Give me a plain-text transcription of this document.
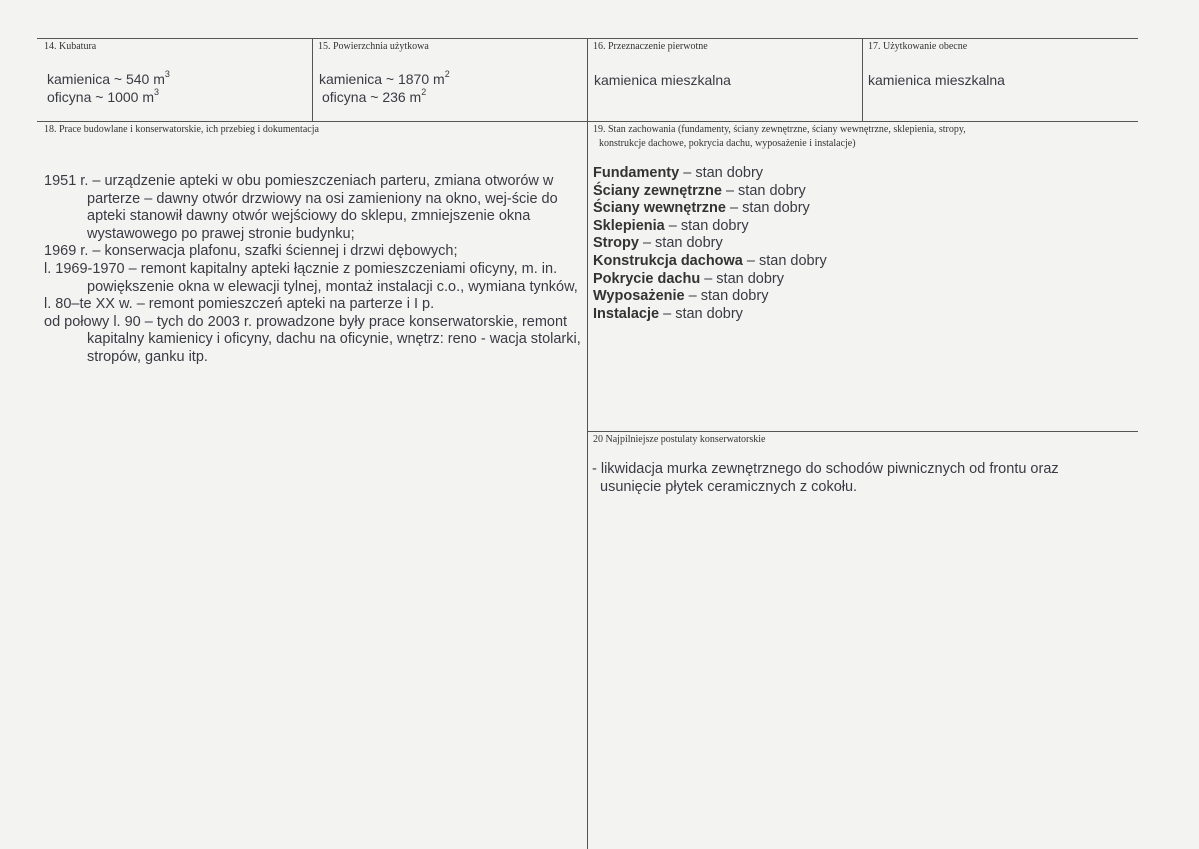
14. Kubatura
kamienica ~ 540 $m^3$
oficyna ~ 1000 $m^3$
15. Powierzchnia użytkowa
kamienica ~ 1870 $m^2$
oficyna ~ 236 $m^2$
16. Przeznaczenie pierwotne
kamienica mieszkalna
17. Użytkowanie obecne
kamienica mieszkalna
18. Prace budowlane i konserwatorskie, ich przebieg i dokumentacja
1951 r. – urządzenie apteki w obu pomieszczeniach parteru, zmiana otworów w parterze – dawny otwór drzwiowy na osi zamieniony na okno, wej-ście do apteki stanowił dawny otwór wejściowy do sklepu, zmniejszenie okna wystawowego po prawej stronie budynku;
1969 r. – konserwacja plafonu, szafki ściennej i drzwi dębowych;
l. 1969-1970 – remont kapitalny apteki łącznie z pomieszczeniami oficyny, m. in. powiększenie okna w elewacji tylnej, montaż instalacji c.o., wymiana tynków,
l. 80–te XX w. – remont pomieszczeń apteki na parterze i I p.
od połowy l. 90 – tych do 2003 r. prowadzone były prace konserwatorskie, remont kapitalny kamienicy i oficyny, dachu na oficynie, wnętrz: reno - wacja stolarki, stropów, ganku itp.
19. Stan zachowania (fundamenty, ściany zewnętrzne, ściany wewnętrzne, sklepienia, stropy,
konstrukcje dachowe, pokrycia dachu, wyposażenie i instalacje)
Fundamenty – stan dobry
Ściany zewnętrzne – stan dobry
Ściany wewnętrzne – stan dobry
Sklepienia – stan dobry
Stropy – stan dobry
Konstrukcja dachowa – stan dobry
Pokrycie dachu – stan dobry
Wyposażenie – stan dobry
Instalacje – stan dobry
20 Najpilniejsze postulaty konserwatorskie
- likwidacja murka zewnętrznego do schodów piwnicznych od frontu oraz
usunięcie płytek ceramicznych z cokołu.
